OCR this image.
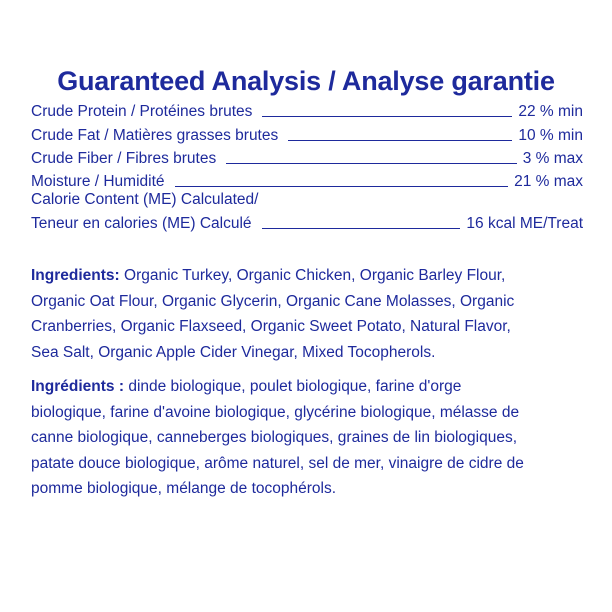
Guaranteed Analysis / Analyse garantie
Crude Protein / Protéines brutes	22 % min
Crude Fat / Matières grasses brutes	10 % min
Crude Fiber / Fibres brutes	3 % max
Moisture / Humidité	21 % max
Calorie Content (ME) Calculated/
Teneur en calories (ME) Calculé	16 kcal ME/Treat
Ingredients: Organic Turkey, Organic Chicken, Organic Barley Flour,
Organic Oat Flour, Organic Glycerin, Organic Cane Molasses, Organic
Cranberries, Organic Flaxseed, Organic Sweet Potato, Natural Flavor,
Sea Salt, Organic Apple Cider Vinegar, Mixed Tocopherols.
Ingrédients : dinde biologique, poulet biologique, farine d'orge
biologique, farine d'avoine biologique, glycérine biologique, mélasse de
canne biologique, canneberges biologiques, graines de lin biologiques,
patate douce biologique, arôme naturel, sel de mer, vinaigre de cidre de
pomme biologique, mélange de tocophérols.
